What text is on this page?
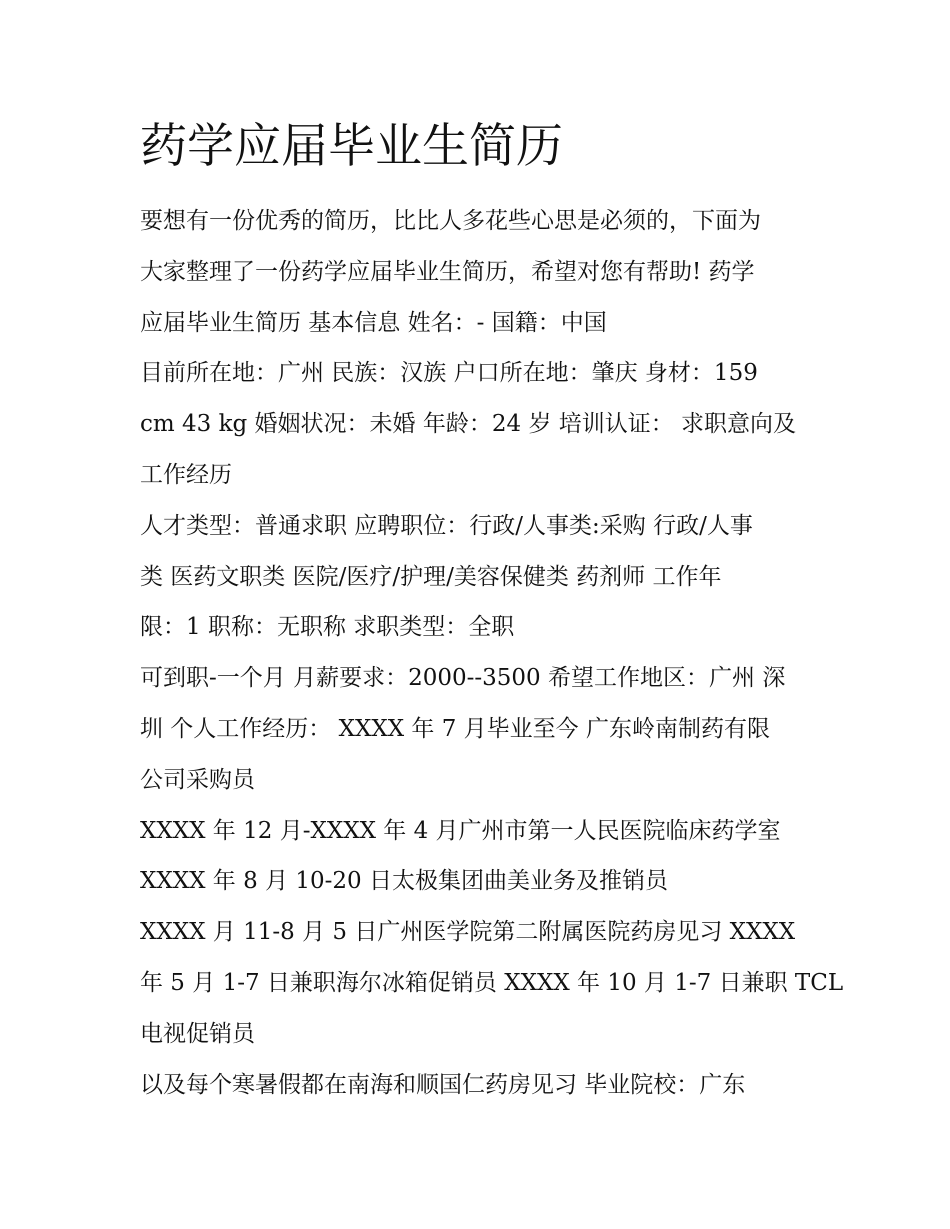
药学应届毕业生简历
要想有一份优秀的简历，比比人多花些心思是必须的，下面为
大家整理了一份药学应届毕业生简历，希望对您有帮助! 药学
应届毕业生简历 基本信息 姓名：- 国籍：中国
目前所在地：广州 民族：汉族 户口所在地：肇庆 身材：159
cm 43 kg 婚姻状况：未婚 年龄：24 岁 培训认证： 求职意向及
工作经历
人才类型：普通求职 应聘职位：行政/人事类:采购 行政/人事
类 医药文职类 医院/医疗/护理/美容保健类 药剂师 工作年
限：1 职称：无职称 求职类型：全职
可到职-一个月 月薪要求：2000--3500 希望工作地区：广州 深
圳 个人工作经历： XXXX 年 7 月毕业至今 广东岭南制药有限
公司采购员
XXXX 年 12 月-XXXX 年 4 月广州市第一人民医院临床药学室
XXXX 年 8 月 10-20 日太极集团曲美业务及推销员
XXXX 月 11-8 月 5 日广州医学院第二附属医院药房见习 XXXX
年 5 月 1-7 日兼职海尔冰箱促销员 XXXX 年 10 月 1-7 日兼职 TCL
电视促销员
以及每个寒暑假都在南海和顺国仁药房见习 毕业院校：广东
